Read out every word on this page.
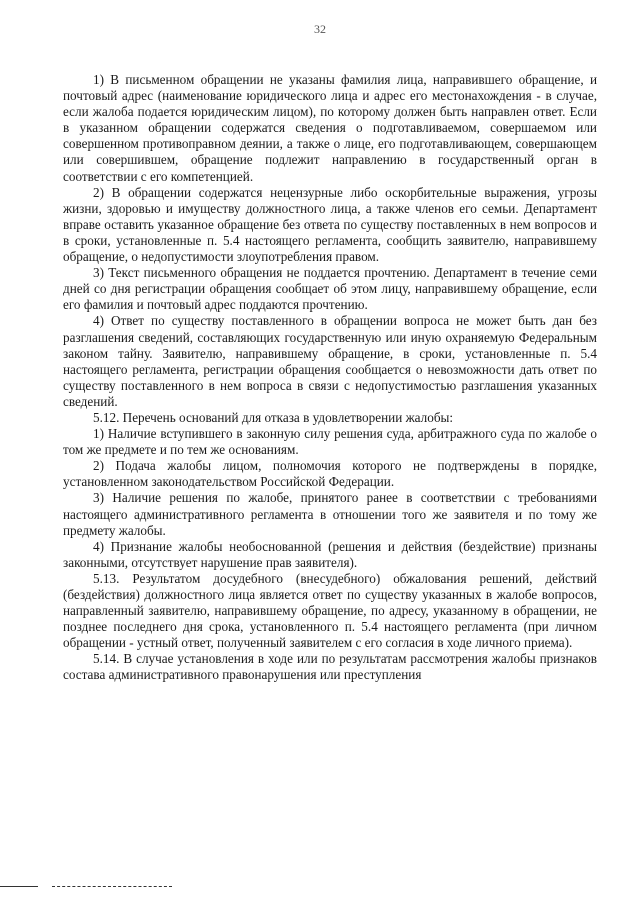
32

1) В письменном обращении не указаны фамилия лица, направившего обращение, и почтовый адрес (наименование юридического лица и адрес его местонахождения - в случае, если жалоба подается юридическим лицом), по которому должен быть направлен ответ. Если в указанном обращении содержатся сведения о подготавливаемом, совершаемом или совершенном противоправном деянии, а также о лице, его подготавливающем, совершающем или совершившем, обращение подлежит направлению в государственный орган в соответствии с его компетенцией.

2) В обращении содержатся нецензурные либо оскорбительные выражения, угрозы жизни, здоровью и имуществу должностного лица, а также членов его семьи. Департамент вправе оставить указанное обращение без ответа по существу поставленных в нем вопросов и в сроки, установленные п. 5.4 настоящего регламента, сообщить заявителю, направившему обращение, о недопустимости злоупотребления правом.

3) Текст письменного обращения не поддается прочтению. Департамент в течение семи дней со дня регистрации обращения сообщает об этом лицу, направившему обращение, если его фамилия и почтовый адрес поддаются прочтению.

4) Ответ по существу поставленного в обращении вопроса не может быть дан без разглашения сведений, составляющих государственную или иную охраняемую Федеральным законом тайну. Заявителю, направившему обращение, в сроки, установленные п. 5.4 настоящего регламента, регистрации обращения сообщается о невозможности дать ответ по существу поставленного в нем вопроса в связи с недопустимостью разглашения указанных сведений.

5.12. Перечень оснований для отказа в удовлетворении жалобы:

1) Наличие вступившего в законную силу решения суда, арбитражного суда по жалобе о том же предмете и по тем же основаниям.

2) Подача жалобы лицом, полномочия которого не подтверждены в порядке, установленном законодательством Российской Федерации.

3) Наличие решения по жалобе, принятого ранее в соответствии с требованиями настоящего административного регламента в отношении того же заявителя и по тому же предмету жалобы.

4) Признание жалобы необоснованной (решения и действия (бездействие) признаны законными, отсутствует нарушение прав заявителя).

5.13. Результатом досудебного (внесудебного) обжалования решений, действий (бездействия) должностного лица является ответ по существу указанных в жалобе вопросов, направленный заявителю, направившему обращение, по адресу, указанному в обращении, не позднее последнего дня срока, установленного п. 5.4 настоящего регламента (при личном обращении - устный ответ, полученный заявителем с его согласия в ходе личного приема).

5.14. В случае установления в ходе или по результатам рассмотрения жалобы признаков состава административного правонарушения или преступления
